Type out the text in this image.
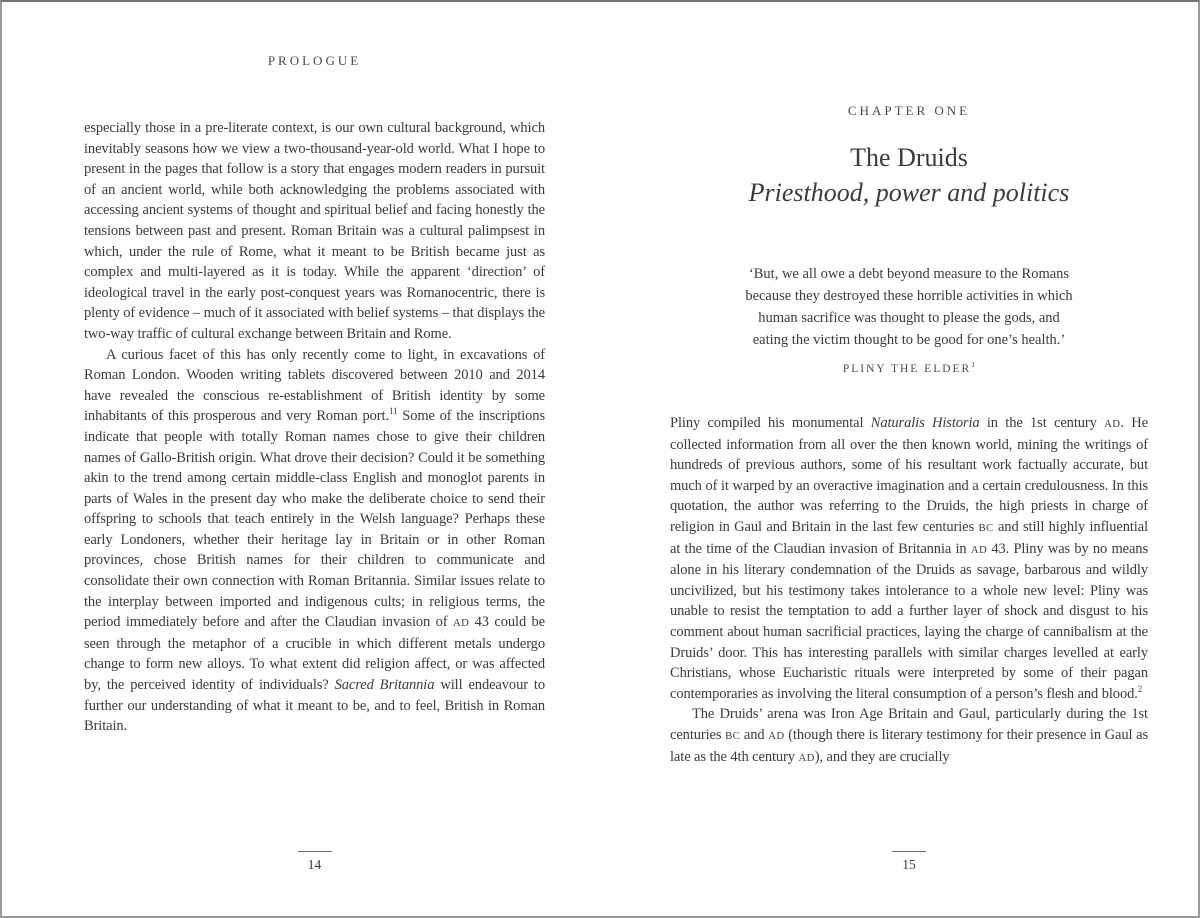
PROLOGUE

especially those in a pre-literate context, is our own cultural background, which inevitably seasons how we view a two-thousand-year-old world. What I hope to present in the pages that follow is a story that engages modern readers in pursuit of an ancient world, while both acknowledging the problems associated with accessing ancient systems of thought and spiritual belief and facing honestly the tensions between past and present. Roman Britain was a cultural palimpsest in which, under the rule of Rome, what it meant to be British became just as complex and multi-layered as it is today. While the apparent ‘direction’ of ideological travel in the early post-conquest years was Romanocentric, there is plenty of evidence – much of it associated with belief systems – that displays the two-way traffic of cultural exchange between Britain and Rome.

A curious facet of this has only recently come to light, in excavations of Roman London. Wooden writing tablets discovered between 2010 and 2014 have revealed the conscious re-establishment of British identity by some inhabitants of this prosperous and very Roman port.$^{11}$ Some of the inscriptions indicate that people with totally Roman names chose to give their children names of Gallo-British origin. What drove their decision? Could it be something akin to the trend among certain middle-class English and monoglot parents in parts of Wales in the present day who make the deliberate choice to send their offspring to schools that teach entirely in the Welsh language? Perhaps these early Londoners, whether their heritage lay in Britain or in other Roman provinces, chose British names for their children to communicate and consolidate their own connection with Roman Britannia. Similar issues relate to the interplay between imported and indigenous cults; in religious terms, the period immediately before and after the Claudian invasion of AD 43 could be seen through the metaphor of a crucible in which different metals undergo change to form new alloys. To what extent did religion affect, or was affected by, the perceived identity of individuals? Sacred Britannia will endeavour to further our understanding of what it meant to be, and to feel, British in Roman Britain.

14
CHAPTER ONE
The Druids
Priesthood, power and politics
‘But, we all owe a debt beyond measure to the Romans
because they destroyed these horrible activities in which
human sacrifice was thought to please the gods, and
eating the victim thought to be good for one’s health.’
PLINY THE ELDER$^1$

Pliny compiled his monumental Naturalis Historia in the 1st century AD. He collected information from all over the then known world, mining the writings of hundreds of previous authors, some of his resultant work factually accurate, but much of it warped by an overactive imagination and a certain credulousness. In this quotation, the author was referring to the Druids, the high priests in charge of religion in Gaul and Britain in the last few centuries BC and still highly influential at the time of the Claudian invasion of Britannia in AD 43. Pliny was by no means alone in his literary condemnation of the Druids as savage, barbarous and wildly uncivilized, but his testimony takes intolerance to a whole new level: Pliny was unable to resist the temptation to add a further layer of shock and disgust to his comment about human sacrificial practices, laying the charge of cannibalism at the Druids’ door. This has interesting parallels with similar charges levelled at early Christians, whose Eucharistic rituals were interpreted by some of their pagan contemporaries as involving the literal consumption of a person’s flesh and blood.$^2$

The Druids’ arena was Iron Age Britain and Gaul, particularly during the 1st centuries BC and AD (though there is literary testimony for their presence in Gaul as late as the 4th century AD), and they are crucially

15
